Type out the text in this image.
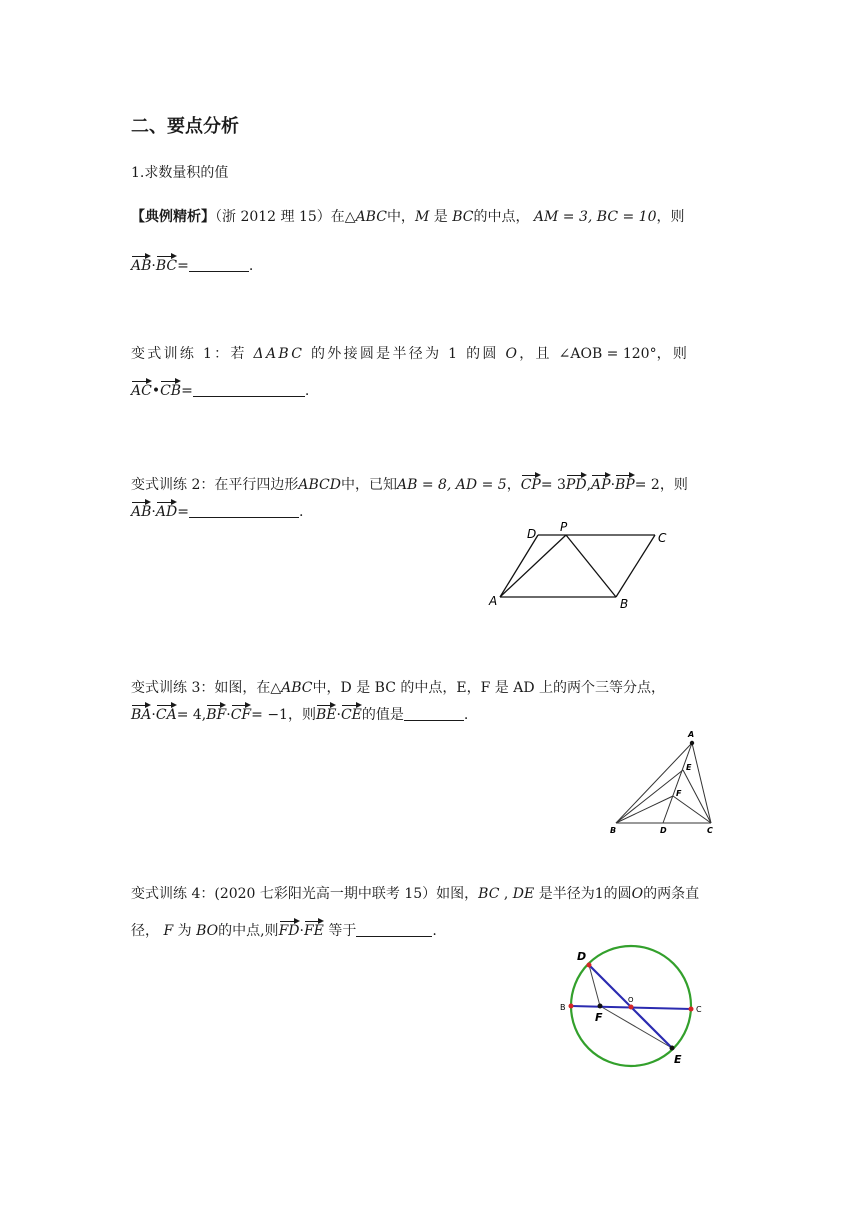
二、要点分析
1.求数量积的值
【典例精析】（浙 2012 理 15）在△ABC中，M 是 BC的中点， AM = 3, BC = 10，则
AB·BC=	.
变式训练 1：若 ΔABC 的外接圆是半径为 1 的圆 O，且 ∠AOB = 120°，则
AC•CB=	.
变式训练 2：在平行四边形ABCD中，已知AB = 8, AD = 5，CP= 3PD,AP·BP= 2，则
AB·AD=	.
D P
C
A	B
变式训练 3：如图，在△ABC中，D 是 BC 的中点，E，F 是 AD 上的两个三等分点，
BA·CA= 4,BF·CF= −1，则BE·CE的值是	.
A
E
F
B	D	C
变式训练 4：(2020 七彩阳光高一期中联考 15）如图，BC , DE 是半径为1的圆O的两条直
径， F 为 BO的中点,则FD·FE 等于	.
D
B
F
O
C
E
